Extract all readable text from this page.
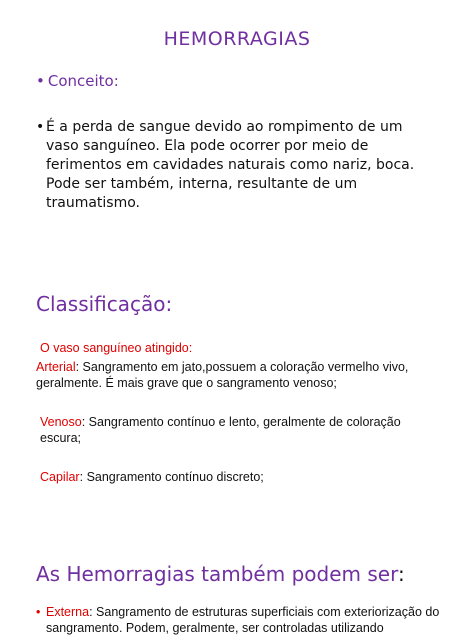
HEMORRAGIAS
• Conceito:
• É a perda de sangue devido ao rompimento de um vaso sanguíneo. Ela pode ocorrer por meio de ferimentos em cavidades naturais como nariz, boca. Pode ser também, interna, resultante de um traumatismo.
Classificação:
O vaso sanguíneo atingido:
Arterial: Sangramento em jato,possuem a coloração vermelho vivo, geralmente. É mais grave que o sangramento venoso;
Venoso: Sangramento contínuo e lento, geralmente de coloração escura;
Capilar: Sangramento contínuo discreto;
As Hemorragias também podem ser:
• Externa: Sangramento de estruturas superficiais com exteriorização do sangramento. Podem, geralmente, ser controladas utilizando
